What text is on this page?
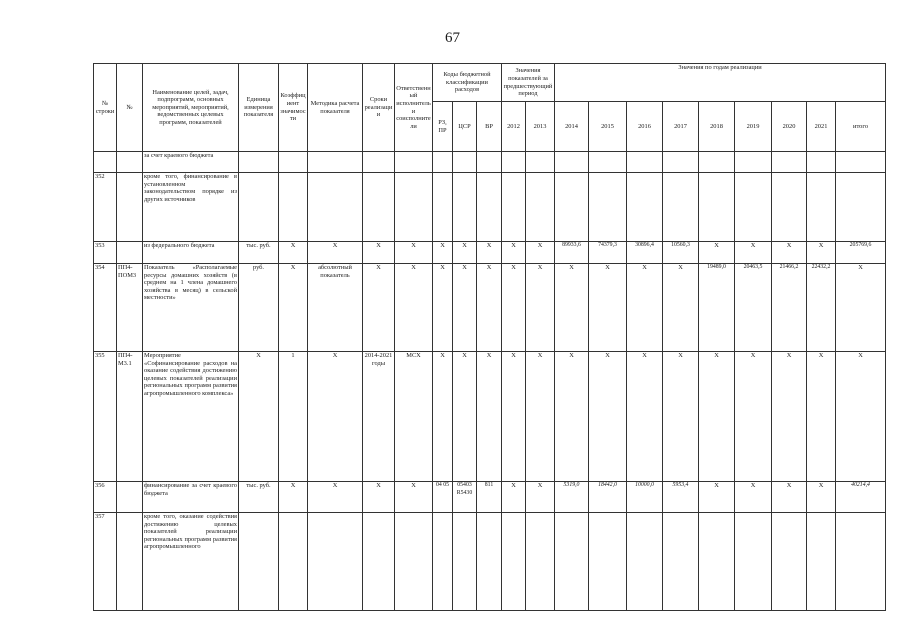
67
№ строки	№	Наименование целей, задач, подпрограмм, основных мероприятий, мероприятий, ведомственных целевых программ, показателей	Единица измерения показателя	Коэффициент значимости	Методика расчета показателя	Сроки реализации	Ответственный исполнитель и соисполнители	Коды бюджетной классификации расходов			Значения показателей за предшествующий период		Значения по годам реализации								
								РЗ, ПР	ЦСР	ВР	2012	2013	2014	2015	2016	2017	2018	2019	2020	2021	итого
		за счет краевого бюджета																			
352		кроме того, финансирование в установленном законодательством порядке из других источников																			
353		из федерального бюджета	тыс. руб.	X	X	X	X	X	X	X	X	X	89933,6	74379,3	30896,4	10560,3	X	X	X	X	205769,6
354	ПП4-ПОМ3	Показатель «Располагаемые ресурсы домашних хозяйств (в среднем на 1 члена домашнего хозяйства в месяц) в сельской местности»	руб.	X	абсолютный показатель	X	X	X	X	X	X	X	X	X	X	X	19489,0	20463,5	21466,2	22432,2	X
355	ПП4-М3.1	Мероприятие «Софинансирование расходов на оказание содействия достижению целевых показателей реализации региональных программ развития агропромышленного комплекса»	X	1	X	2014-2021 годы	МСХ	X	X	X	X	X	X	X	X	X	X	X	X	X	X
356		финансирование за счет краевого бюджета	тыс. руб.	X	X	X	X	04 05	05403 R5430	811	X	X	5319,0	18442,0	10000,0	5953,4	X	X	X	X	40214,4
357		кроме того, оказание содействия достижению целевых показателей реализации региональных программ развития агропромышленного																			
